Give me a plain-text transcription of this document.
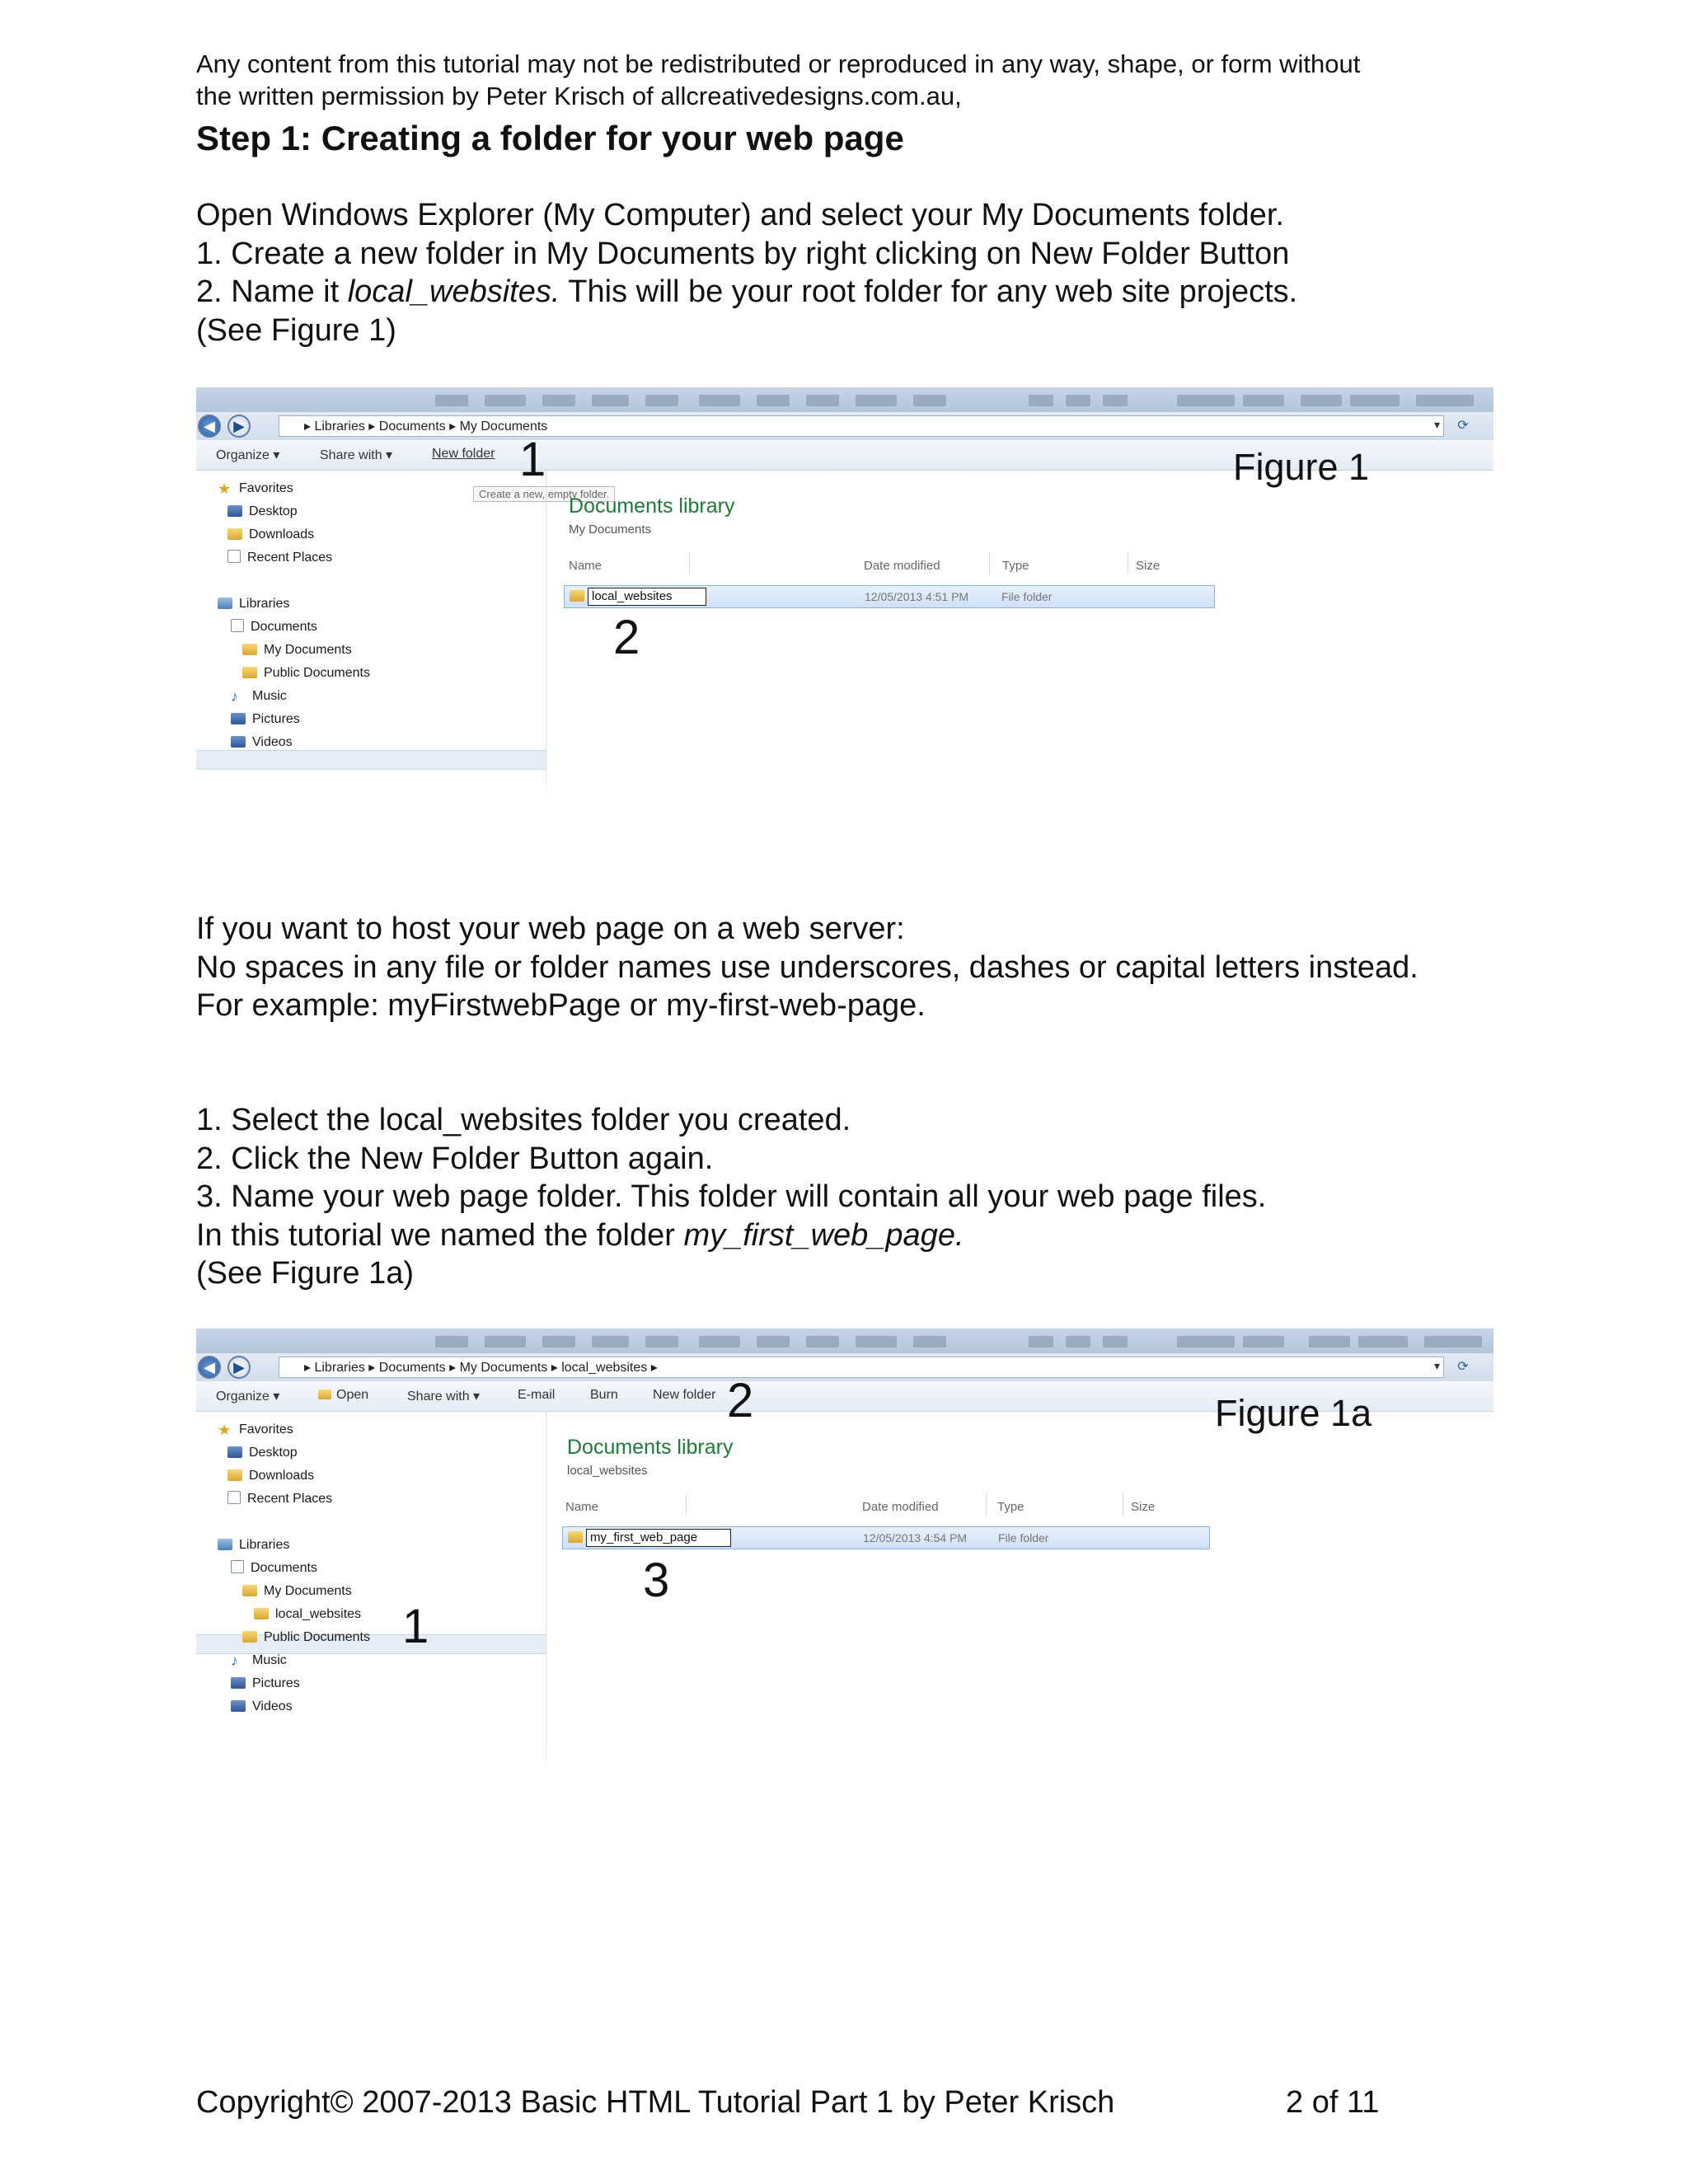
Any content from this tutorial may not be redistributed or reproduced in any way, shape, or form without
the written permission by Peter Krisch of allcreativedesigns.com.au,
Step 1: Creating a folder for your web page
Open Windows Explorer (My Computer) and select your My Documents folder.
1. Create a new folder in My Documents by right clicking on New Folder Button
2. Name it local_websites. This will be your root folder for any web site projects.
(See Figure 1)
◀	▶	▸ Libraries ▸ Documents ▸ My Documents	▾	⟳
Organize ▾	Share with ▾	New folder 1	Figure 1
Create a new, empty folder.
★ Favorites
Desktop
Downloads
Recent Places
Libraries
Documents
My Documents
Public Documents
♪ Music
Pictures
Videos
Documents library
My Documents
Name	Date modified	Type	Size
local_websites	12/05/2013 4:51 PM	File folder
2
If you want to host your web page on a web server:
No spaces in any file or folder names use underscores, dashes or capital letters instead.
For example: myFirstwebPage or my-first-web-page.
1. Select the local_websites folder you created.
2. Click the New Folder Button again.
3. Name your web page folder. This folder will contain all your web page files.
In this tutorial we named the folder my_first_web_page.
(See Figure 1a)
◀	▶	▸ Libraries ▸ Documents ▸ My Documents ▸ local_websites ▸	▾	⟳
Organize ▾	Open	Share with ▾	E-mail	Burn	New folder 2	Figure 1a
★ Favorites
Desktop
Downloads
Recent Places
Libraries
Documents
My Documents
local_websites
Public Documents
♪ Music
Pictures
Videos
1
Documents library
local_websites
Name	Date modified	Type	Size
my_first_web_page	12/05/2013 4:54 PM	File folder
3
Copyright© 2007-2013 Basic HTML Tutorial Part 1 by Peter Krisch	2 of 11
